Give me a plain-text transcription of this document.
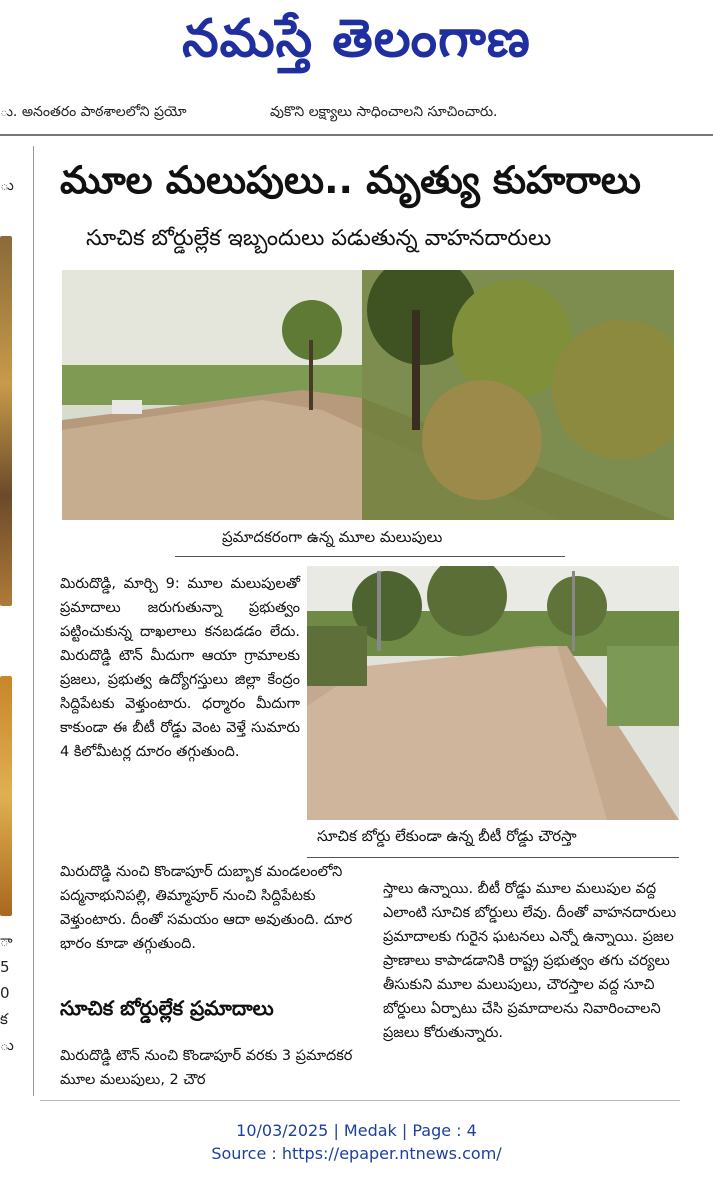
నమస్తే తెలంగాణ
ు. అనంతరం పాఠశాలలోని ప్రయో	వుకొని లక్ష్యాలు సాధించాలని సూచించారు.
ు
ా
5
0
క
ు
మూల మలుపులు.. మృత్యు కుహరాలు
సూచిక బోర్డుల్లేక ఇబ్బందులు పడుతున్న వాహనదారులు
ప్రమాదకరంగా ఉన్న మూల మలుపులు
సూచిక బోర్డు లేకుండా ఉన్న బీటీ రోడ్డు చౌరస్తా

మిరుదొడ్డి, మార్చి 9: మూల మలుపులతో ప్రమాదాలు జరుగుతున్నా ప్రభుత్వం పట్టించుకున్న దాఖలాలు కనబడడం లేదు. మిరుదొడ్డి టౌన్ మీదుగా ఆయా గ్రామాలకు ప్రజలు, ప్రభుత్వ ఉద్యోగస్తులు జిల్లా కేంద్రం సిద్దిపేటకు వెళ్తుంటారు. ధర్మారం మీదుగా కాకుండా ఈ బీటీ రోడ్డు వెంట వెళ్తే సుమారు 4 కిలోమీటర్ల దూరం తగ్గుతుంది.

మిరుదొడ్డి నుంచి కొండాపూర్ దుబ్బాక మండలంలోని పద్మనాభునిపల్లి, తిమ్మాపూర్ నుంచి సిద్దిపేటకు వెళ్తుంటారు. దీంతో సమయం ఆదా అవుతుంది. దూర భారం కూడా తగ్గుతుంది.

సూచిక బోర్డుల్లేక ప్రమాదాలు

మిరుదొడ్డి టౌన్ నుంచి కొండాపూర్ వరకు 3 ప్రమాదకర మూల మలుపులు, 2 చౌర

స్తాలు ఉన్నాయి. బీటీ రోడ్డు మూల మలుపుల వద్ద ఎలాంటి సూచిక బోర్డులు లేవు. దీంతో వాహనదారులు ప్రమాదాలకు గురైన ఘటనలు ఎన్నో ఉన్నాయి. ప్రజల ప్రాణాలు కాపాడడానికి రాష్ట్ర ప్రభుత్వం తగు చర్యలు తీసుకుని మూల మలుపులు, చౌరస్తాల వద్ద సూచి బోర్డులు ఏర్పాటు చేసి ప్రమాదాలను నివారించాలని ప్రజలు కోరుతున్నారు.

10/03/2025 | Medak | Page : 4
Source : https://epaper.ntnews.com/
